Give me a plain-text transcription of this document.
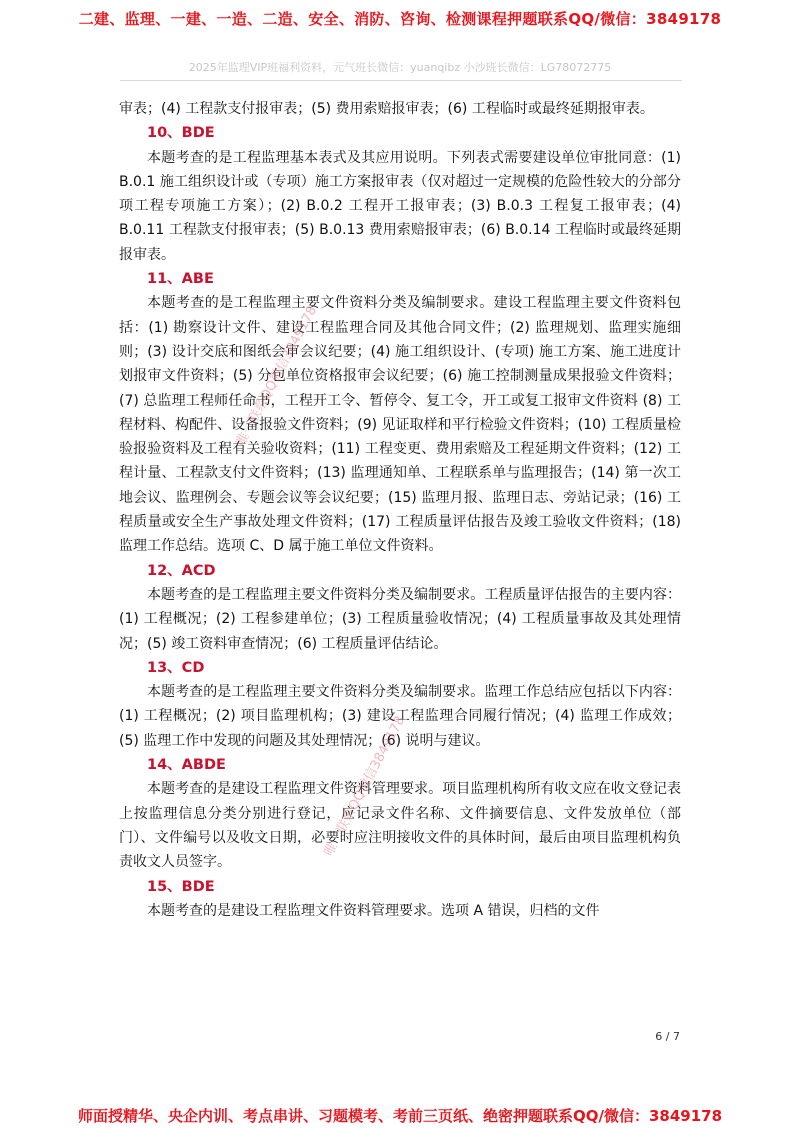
二建、监理、一建、一造、二造、安全、消防、咨询、检测课程押题联系QQ/微信：3849178
2025年监理VIP班福利资料，元气班长微信：yuanqibz 小沙班长微信：LG78072775

审表；(4) 工程款支付报审表；(5) 费用索赔报审表；(6) 工程临时或最终延期报审表。

10、BDE

本题考查的是工程监理基本表式及其应用说明。下列表式需要建设单位审批同意：(1) B.0.1 施工组织设计或（专项）施工方案报审表（仅对超过一定规模的危险性较大的分部分项工程专项施工方案）；(2) B.0.2 工程开工报审表；(3) B.0.3 工程复工报审表；(4) B.0.11 工程款支付报审表；(5) B.0.13 费用索赔报审表；(6) B.0.14 工程临时或最终延期报审表。

11、ABE

本题考查的是工程监理主要文件资料分类及编制要求。建设工程监理主要文件资料包括：(1) 勘察设计文件、建设工程监理合同及其他合同文件；(2) 监理规划、监理实施细则；(3) 设计交底和图纸会审会议纪要；(4) 施工组织设计、(专项) 施工方案、施工进度计划报审文件资料；(5) 分包单位资格报审会议纪要；(6) 施工控制测量成果报验文件资料；(7) 总监理工程师任命书，工程开工令、暂停令、复工令，开工或复工报审文件资料 (8) 工程材料、构配件、设备报验文件资料；(9) 见证取样和平行检验文件资料；(10) 工程质量检验报验资料及工程有关验收资料；(11) 工程变更、费用索赔及工程延期文件资料；(12) 工程计量、工程款支付文件资料；(13) 监理通知单、工程联系单与监理报告；(14) 第一次工地会议、监理例会、专题会议等会议纪要；(15) 监理月报、监理日志、旁站记录；(16) 工程质量或安全生产事故处理文件资料；(17) 工程质量评估报告及竣工验收文件资料；(18) 监理工作总结。选项 C、D 属于施工单位文件资料。

12、ACD

本题考查的是工程监理主要文件资料分类及编制要求。工程质量评估报告的主要内容：(1) 工程概况；(2) 工程参建单位；(3) 工程质量验收情况；(4) 工程质量事故及其处理情况；(5) 竣工资料审查情况；(6) 工程质量评估结论。

13、CD

本题考查的是工程监理主要文件资料分类及编制要求。监理工作总结应包括以下内容：(1) 工程概况；(2) 项目监理机构；(3) 建设工程监理合同履行情况；(4) 监理工作成效；(5) 监理工作中发现的问题及其处理情况；(6) 说明与建议。

14、ABDE

本题考查的是建设工程监理文件资料管理要求。项目监理机构所有收文应在收文登记表上按监理信息分类分别进行登记，应记录文件名称、文件摘要信息、文件发放单位（部门）、文件编号以及收文日期，必要时应注明接收文件的具体时间，最后由项目监理机构负责收文人员签字。

15、BDE

本题考查的是建设工程监理文件资料管理要求。选项 A 错误，归档的文件

唯一联系QQ微信3849178
唯一联系QQ微信3849178
6 / 7
师面授精华、央企内训、考点串讲、习题模考、考前三页纸、绝密押题联系QQ/微信：3849178
